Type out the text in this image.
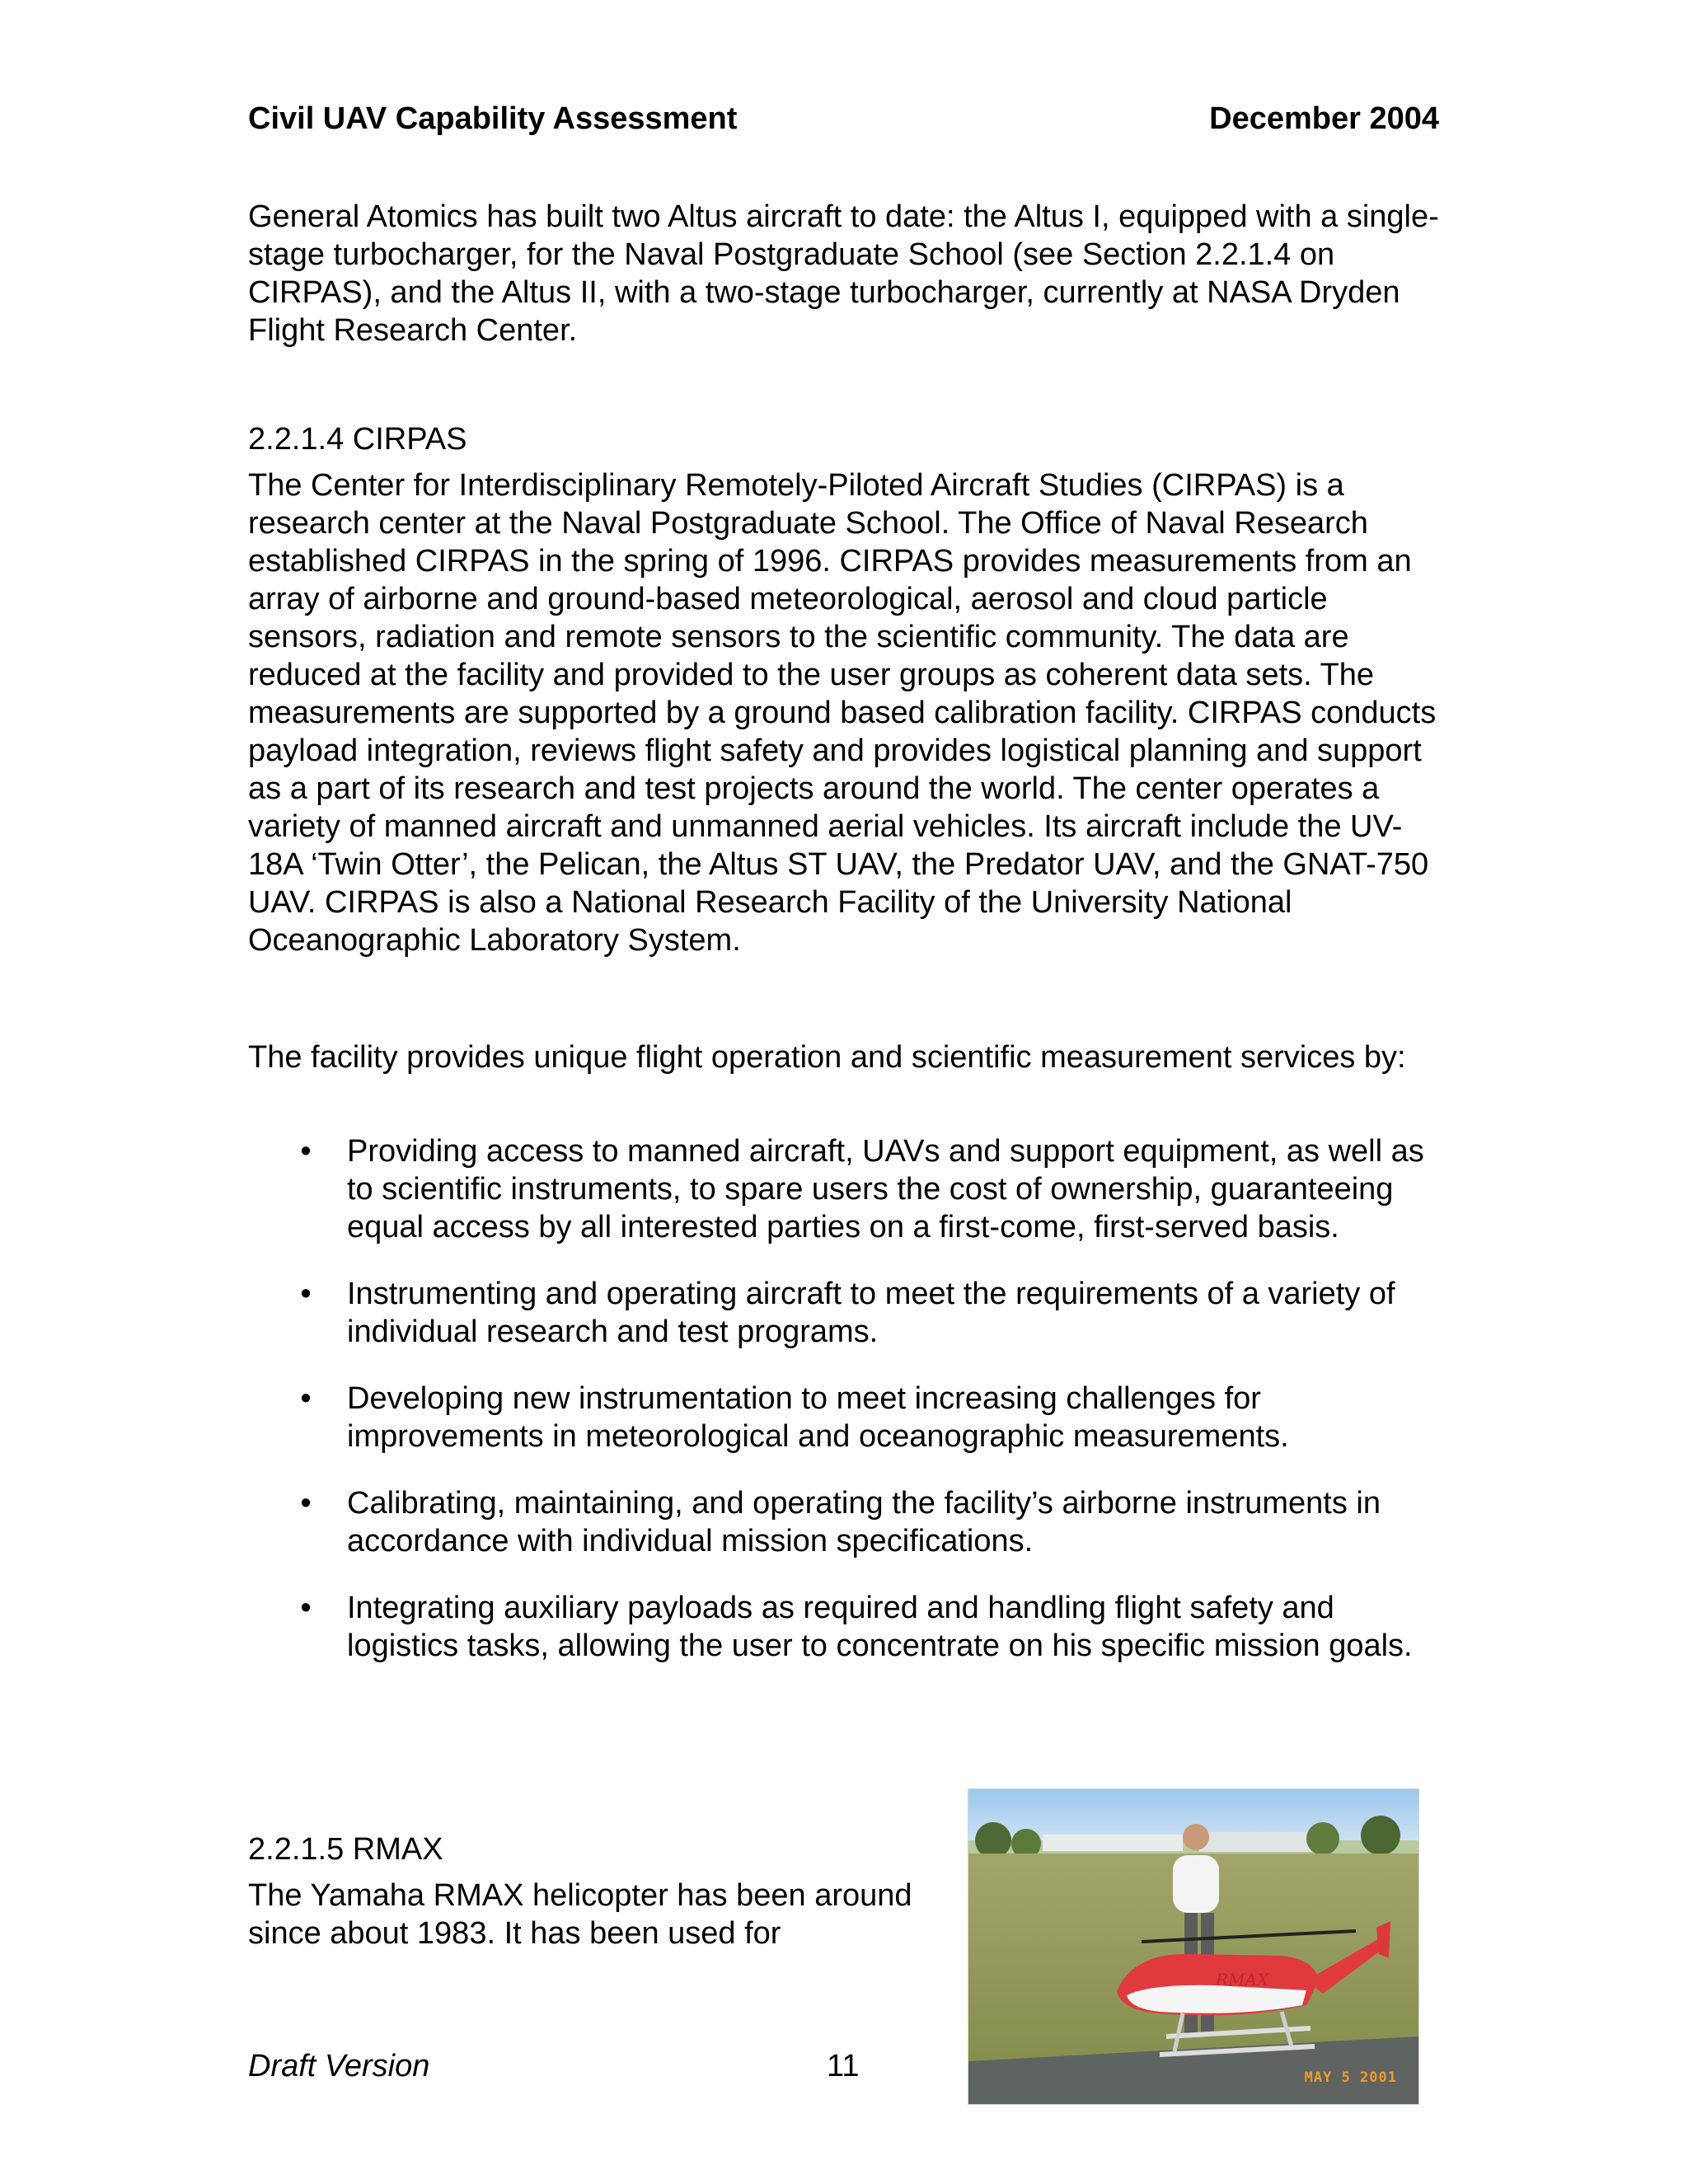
Civil UAV Capability Assessment	December 2004

General Atomics has built two Altus aircraft to date: the Altus I, equipped with a single-stage turbocharger, for the Naval Postgraduate School (see Section 2.2.1.4 on CIRPAS), and the Altus II, with a two-stage turbocharger, currently at NASA Dryden Flight Research Center.

2.2.1.4 CIRPAS

The Center for Interdisciplinary Remotely-Piloted Aircraft Studies (CIRPAS) is a research center at the Naval Postgraduate School. The Office of Naval Research established CIRPAS in the spring of 1996. CIRPAS provides measurements from an array of airborne and ground-based meteorological, aerosol and cloud particle sensors, radiation and remote sensors to the scientific community. The data are reduced at the facility and provided to the user groups as coherent data sets. The measurements are supported by a ground based calibration facility. CIRPAS conducts payload integration, reviews flight safety and provides logistical planning and support as a part of its research and test projects around the world. The center operates a variety of manned aircraft and unmanned aerial vehicles. Its aircraft include the UV-18A ‘Twin Otter’, the Pelican, the Altus ST UAV, the Predator UAV, and the GNAT-750 UAV. CIRPAS is also a National Research Facility of the University National Oceanographic Laboratory System.

The facility provides unique flight operation and scientific measurement services by:

• Providing access to manned aircraft, UAVs and support equipment, as well as to scientific instruments, to spare users the cost of ownership, guaranteeing equal access by all interested parties on a first-come, first-served basis.
• Instrumenting and operating aircraft to meet the requirements of a variety of individual research and test programs.
• Developing new instrumentation to meet increasing challenges for improvements in meteorological and oceanographic measurements.
• Calibrating, maintaining, and operating the facility’s airborne instruments in accordance with individual mission specifications.
• Integrating auxiliary payloads as required and handling flight safety and logistics tasks, allowing the user to concentrate on his specific mission goals.
2.2.1.5 RMAX

The Yamaha RMAX helicopter has been around since about 1983. It has been used for

RMAX
MAY 5 2001
Draft Version	11
